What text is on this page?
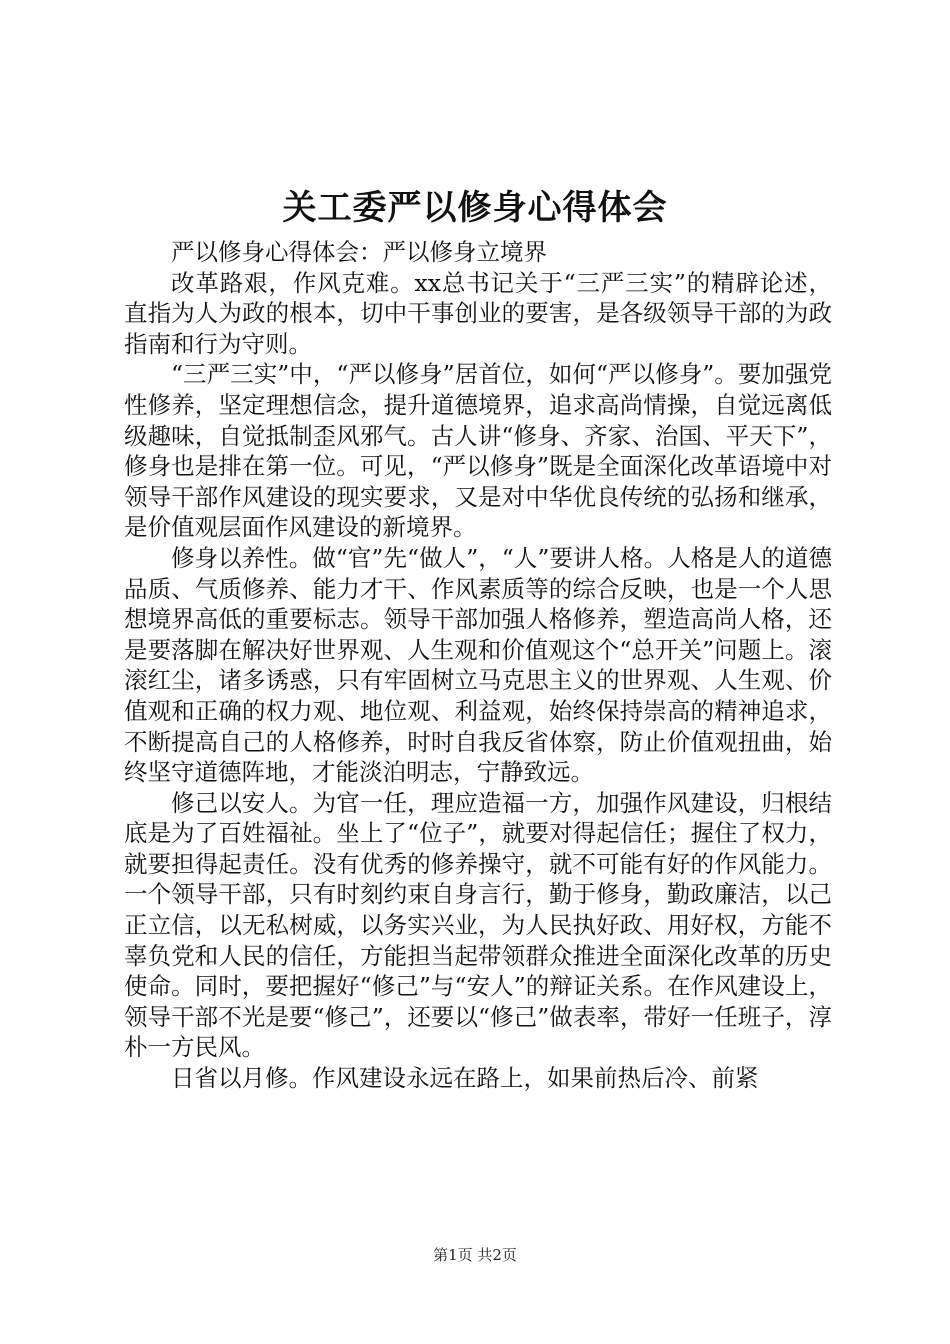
关工委严以修身心得体会

严以修身心得体会：严以修身立境界

改革路艰，作风克难。xx总书记关于“三严三实”的精辟论述，直指为人为政的根本，切中干事创业的要害，是各级领导干部的为政指南和行为守则。

“三严三实”中，“严以修身”居首位，如何“严以修身”。要加强党性修养，坚定理想信念，提升道德境界，追求高尚情操，自觉远离低级趣味，自觉抵制歪风邪气。古人讲“修身、齐家、治国、平天下”，修身也是排在第一位。可见，“严以修身”既是全面深化改革语境中对领导干部作风建设的现实要求，又是对中华优良传统的弘扬和继承，是价值观层面作风建设的新境界。

修身以养性。做“官”先“做人”，“人”要讲人格。人格是人的道德品质、气质修养、能力才干、作风素质等的综合反映，也是一个人思想境界高低的重要标志。领导干部加强人格修养，塑造高尚人格，还是要落脚在解决好世界观、人生观和价值观这个“总开关”问题上。滚滚红尘，诸多诱惑，只有牢固树立马克思主义的世界观、人生观、价值观和正确的权力观、地位观、利益观，始终保持崇高的精神追求，不断提高自己的人格修养，时时自我反省体察，防止价值观扭曲，始终坚守道德阵地，才能淡泊明志，宁静致远。

修己以安人。为官一任，理应造福一方，加强作风建设，归根结底是为了百姓福祉。坐上了“位子”，就要对得起信任；握住了权力，就要担得起责任。没有优秀的修养操守，就不可能有好的作风能力。一个领导干部，只有时刻约束自身言行，勤于修身，勤政廉洁，以己正立信，以无私树威，以务实兴业，为人民执好政、用好权，方能不辜负党和人民的信任，方能担当起带领群众推进全面深化改革的历史使命。同时，要把握好“修己”与“安人”的辩证关系。在作风建设上，领导干部不光是要“修己”，还要以“修己”做表率，带好一任班子，淳朴一方民风。

日省以月修。作风建设永远在路上，如果前热后冷、前紧

第1页 共2页
